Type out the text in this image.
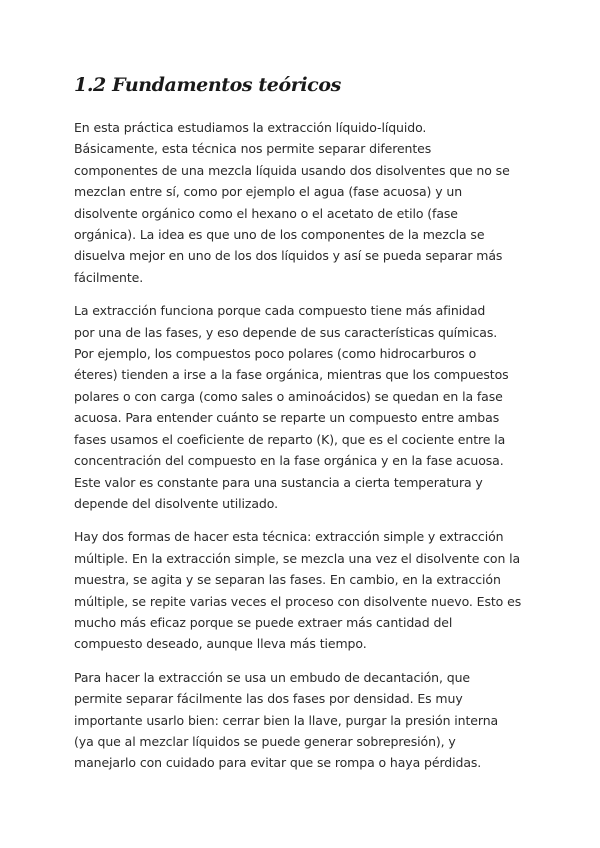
1.2 Fundamentos teóricos

En esta práctica estudiamos la extracción líquido-líquido.
Básicamente, esta técnica nos permite separar diferentes
componentes de una mezcla líquida usando dos disolventes que no se
mezclan entre sí, como por ejemplo el agua (fase acuosa) y un
disolvente orgánico como el hexano o el acetato de etilo (fase
orgánica). La idea es que uno de los componentes de la mezcla se
disuelva mejor en uno de los dos líquidos y así se pueda separar más
fácilmente.

La extracción funciona porque cada compuesto tiene más afinidad
por una de las fases, y eso depende de sus características químicas.
Por ejemplo, los compuestos poco polares (como hidrocarburos o
éteres) tienden a irse a la fase orgánica, mientras que los compuestos
polares o con carga (como sales o aminoácidos) se quedan en la fase
acuosa. Para entender cuánto se reparte un compuesto entre ambas
fases usamos el coeficiente de reparto (K), que es el cociente entre la
concentración del compuesto en la fase orgánica y en la fase acuosa.
Este valor es constante para una sustancia a cierta temperatura y
depende del disolvente utilizado.

Hay dos formas de hacer esta técnica: extracción simple y extracción
múltiple. En la extracción simple, se mezcla una vez el disolvente con la
muestra, se agita y se separan las fases. En cambio, en la extracción
múltiple, se repite varias veces el proceso con disolvente nuevo. Esto es
mucho más eficaz porque se puede extraer más cantidad del
compuesto deseado, aunque lleva más tiempo.

Para hacer la extracción se usa un embudo de decantación, que
permite separar fácilmente las dos fases por densidad. Es muy
importante usarlo bien: cerrar bien la llave, purgar la presión interna
(ya que al mezclar líquidos se puede generar sobrepresión), y
manejarlo con cuidado para evitar que se rompa o haya pérdidas.
